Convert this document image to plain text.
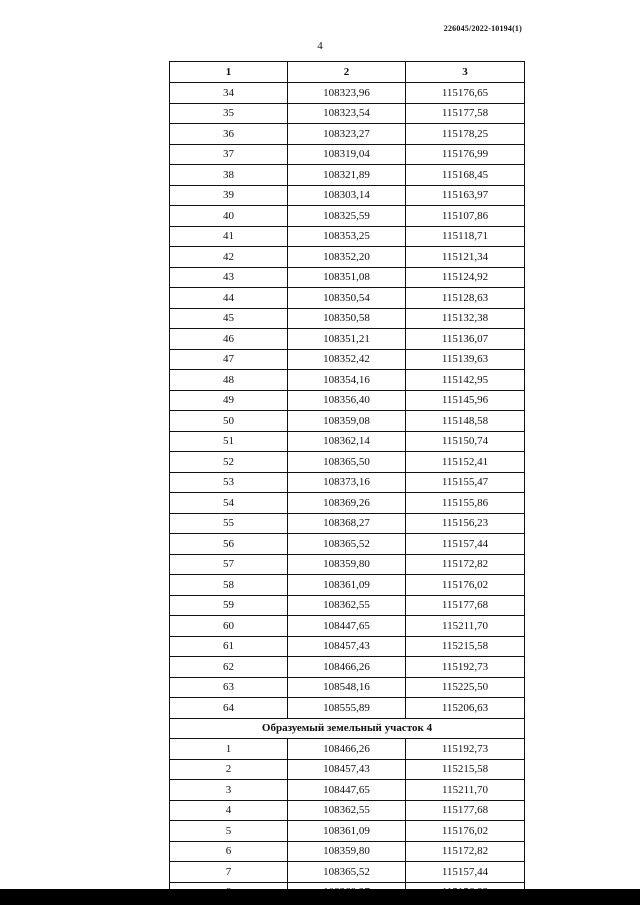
226045/2022-10194(1)
4
1	2	3
34	108323,96	115176,65
35	108323,54	115177,58
36	108323,27	115178,25
37	108319,04	115176,99
38	108321,89	115168,45
39	108303,14	115163,97
40	108325,59	115107,86
41	108353,25	115118,71
42	108352,20	115121,34
43	108351,08	115124,92
44	108350,54	115128,63
45	108350,58	115132,38
46	108351,21	115136,07
47	108352,42	115139,63
48	108354,16	115142,95
49	108356,40	115145,96
50	108359,08	115148,58
51	108362,14	115150,74
52	108365,50	115152,41
53	108373,16	115155,47
54	108369,26	115155,86
55	108368,27	115156,23
56	108365,52	115157,44
57	108359,80	115172,82
58	108361,09	115176,02
59	108362,55	115177,68
60	108447,65	115211,70
61	108457,43	115215,58
62	108466,26	115192,73
63	108548,16	115225,50
64	108555,89	115206,63
Образуемый земельный участок 4		
1	108466,26	115192,73
2	108457,43	115215,58
3	108447,65	115211,70
4	108362,55	115177,68
5	108361,09	115176,02
6	108359,80	115172,82
7	108365,52	115157,44
